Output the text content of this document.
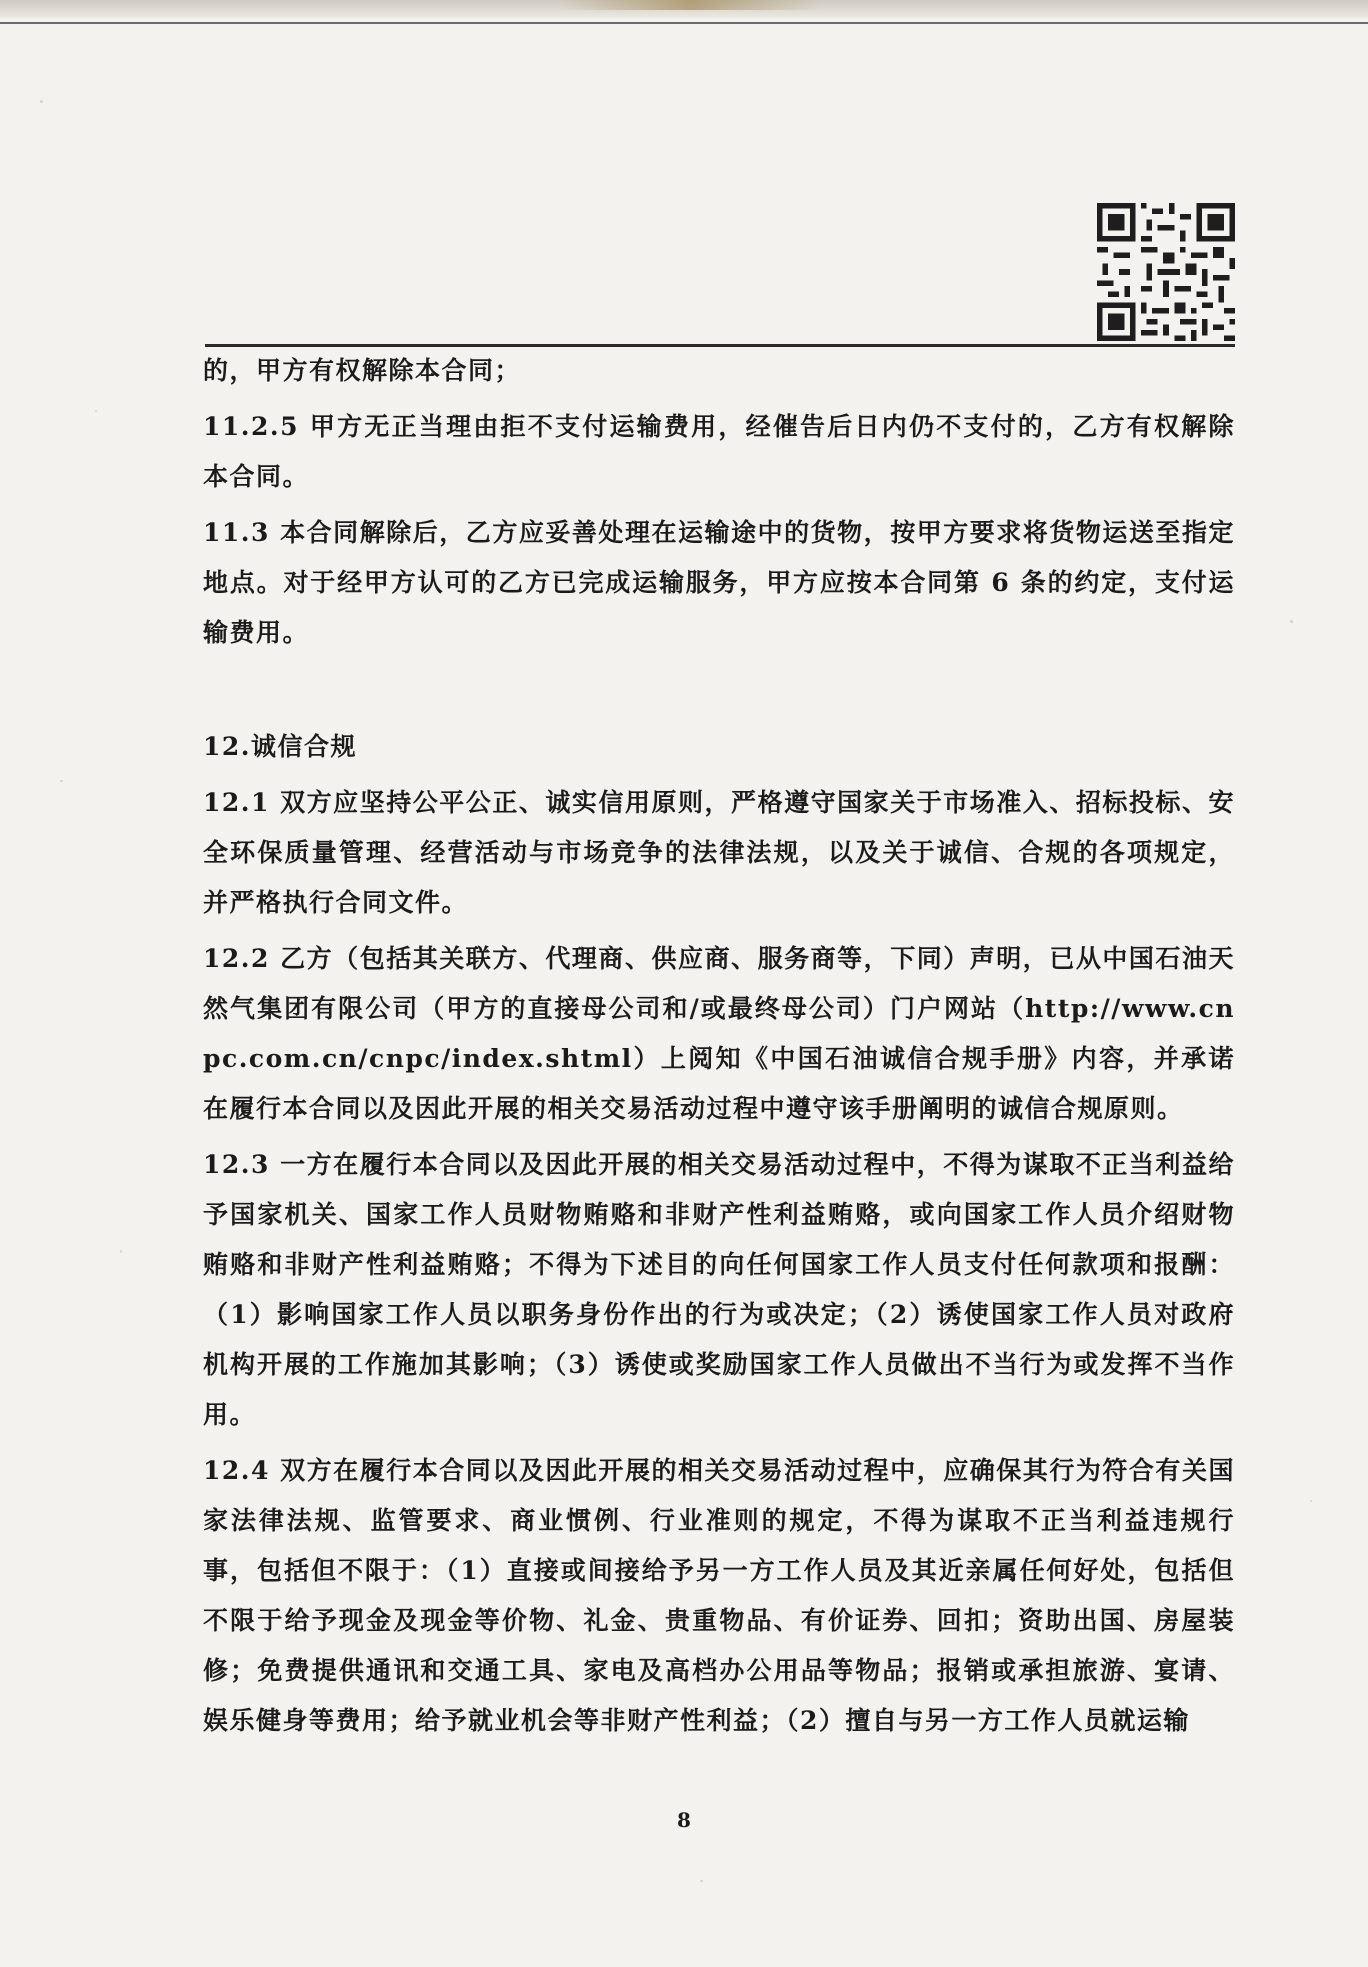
的，甲方有权解除本合同；

11.2.5 甲方无正当理由拒不支付运输费用，经催告后日内仍不支付的，乙方有权解除本合同。

11.3 本合同解除后，乙方应妥善处理在运输途中的货物，按甲方要求将货物运送至指定地点。对于经甲方认可的乙方已完成运输服务，甲方应按本合同第 6 条的约定，支付运输费用。

12.诚信合规

12.1 双方应坚持公平公正、诚实信用原则，严格遵守国家关于市场准入、招标投标、安全环保质量管理、经营活动与市场竞争的法律法规，以及关于诚信、合规的各项规定，并严格执行合同文件。

12.2 乙方（包括其关联方、代理商、供应商、服务商等，下同）声明，已从中国石油天然气集团有限公司（甲方的直接母公司和/或最终母公司）门户网站（http://www.cnpc.com.cn/cnpc/index.shtml）上阅知《中国石油诚信合规手册》内容，并承诺在履行本合同以及因此开展的相关交易活动过程中遵守该手册阐明的诚信合规原则。

12.3 一方在履行本合同以及因此开展的相关交易活动过程中，不得为谋取不正当利益给予国家机关、国家工作人员财物贿赂和非财产性利益贿赂，或向国家工作人员介绍财物贿赂和非财产性利益贿赂；不得为下述目的向任何国家工作人员支付任何款项和报酬：（1）影响国家工作人员以职务身份作出的行为或决定；（2）诱使国家工作人员对政府机构开展的工作施加其影响；（3）诱使或奖励国家工作人员做出不当行为或发挥不当作用。

12.4 双方在履行本合同以及因此开展的相关交易活动过程中，应确保其行为符合有关国家法律法规、监管要求、商业惯例、行业准则的规定，不得为谋取不正当利益违规行事，包括但不限于：（1）直接或间接给予另一方工作人员及其近亲属任何好处，包括但不限于给予现金及现金等价物、礼金、贵重物品、有价证券、回扣；资助出国、房屋装修；免费提供通讯和交通工具、家电及高档办公用品等物品；报销或承担旅游、宴请、娱乐健身等费用；给予就业机会等非财产性利益；（2）擅自与另一方工作人员就运输

8
